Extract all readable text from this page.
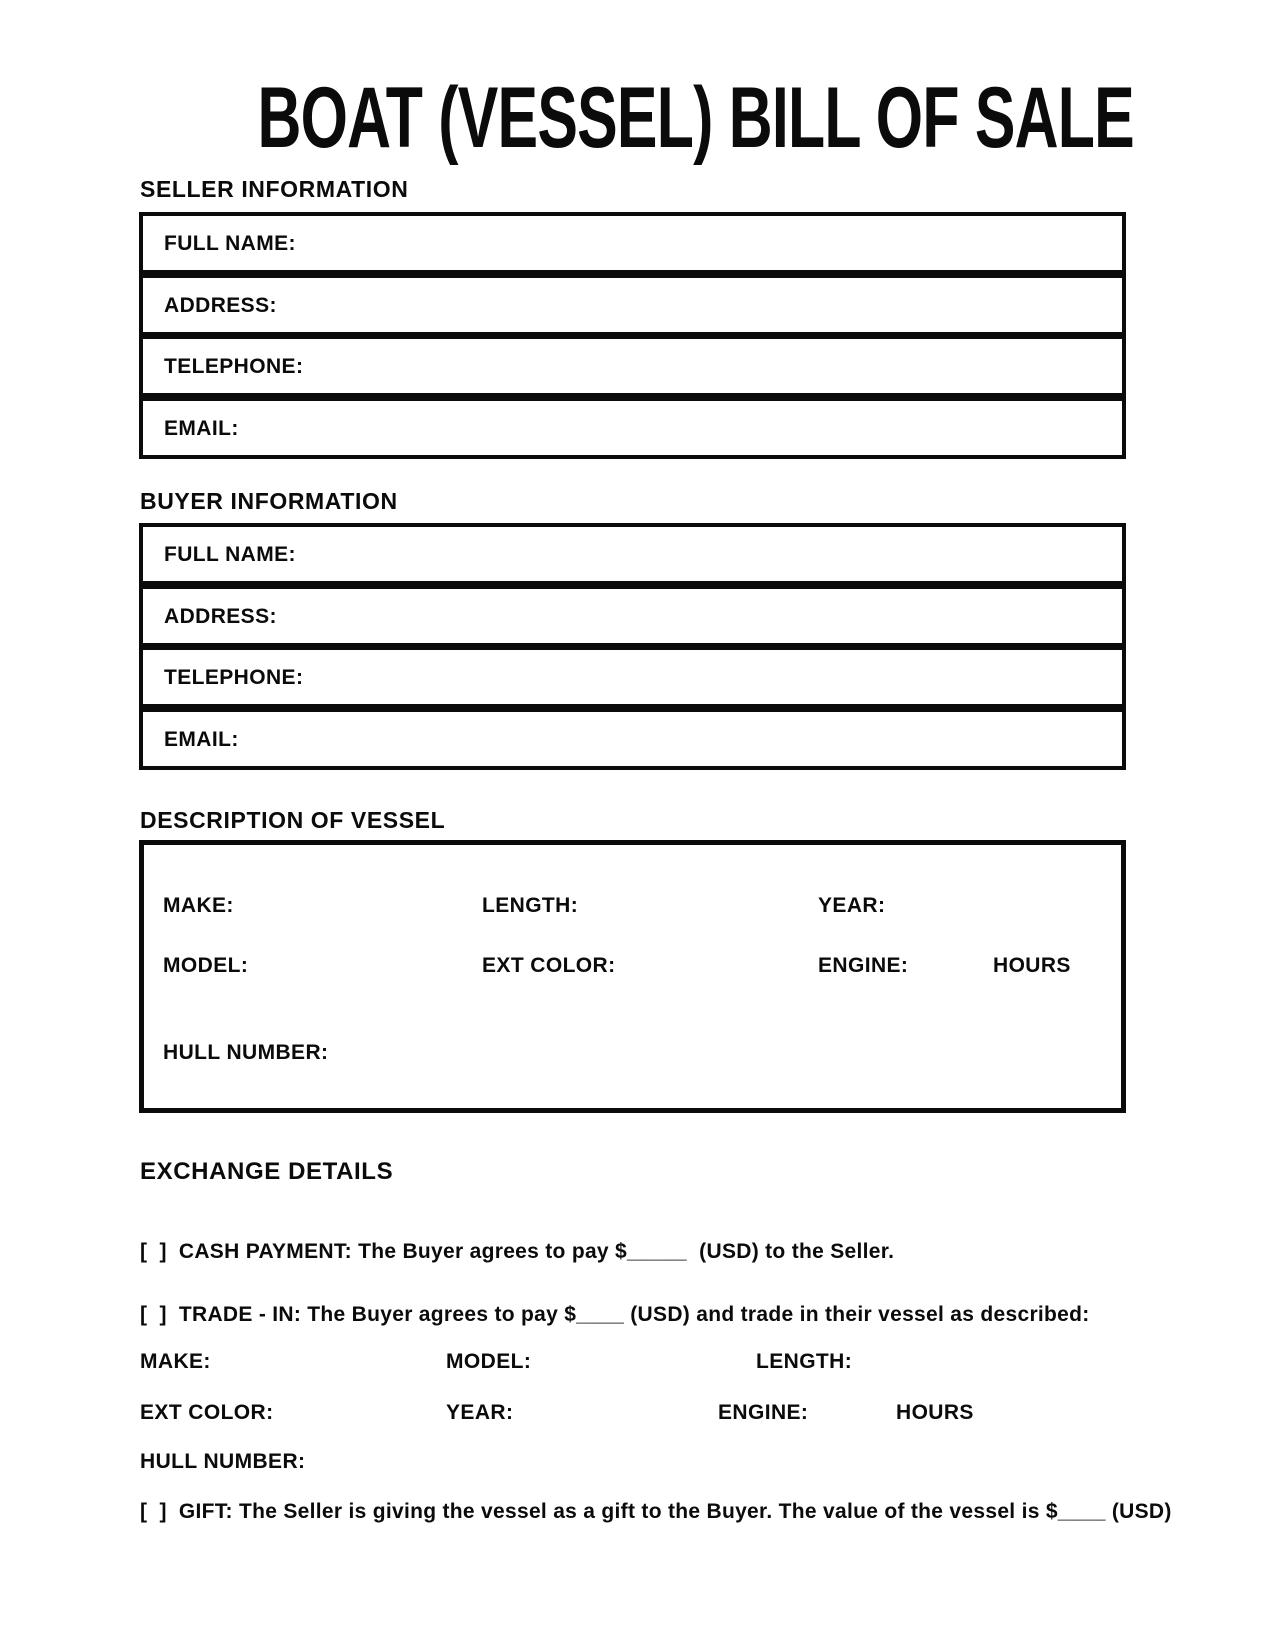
BOAT (VESSEL) BILL OF SALE
SELLER INFORMATION
FULL NAME:
ADDRESS:
TELEPHONE:
EMAIL:
BUYER INFORMATION
FULL NAME:
ADDRESS:
TELEPHONE:
EMAIL:
DESCRIPTION OF VESSEL
MAKE:	LENGTH:	YEAR:
MODEL:	EXT COLOR:	ENGINE:	HOURS
HULL NUMBER:
EXCHANGE DETAILS
[  ] CASH PAYMENT: The Buyer agrees to pay $_____  (USD) to the Seller.
[  ] TRADE - IN: The Buyer agrees to pay $____ (USD) and trade in their vessel as described:
MAKE:	MODEL:	LENGTH:
EXT COLOR:	YEAR:	ENGINE:	HOURS
HULL NUMBER:
[  ] GIFT: The Seller is giving the vessel as a gift to the Buyer. The value of the vessel is $____ (USD)
